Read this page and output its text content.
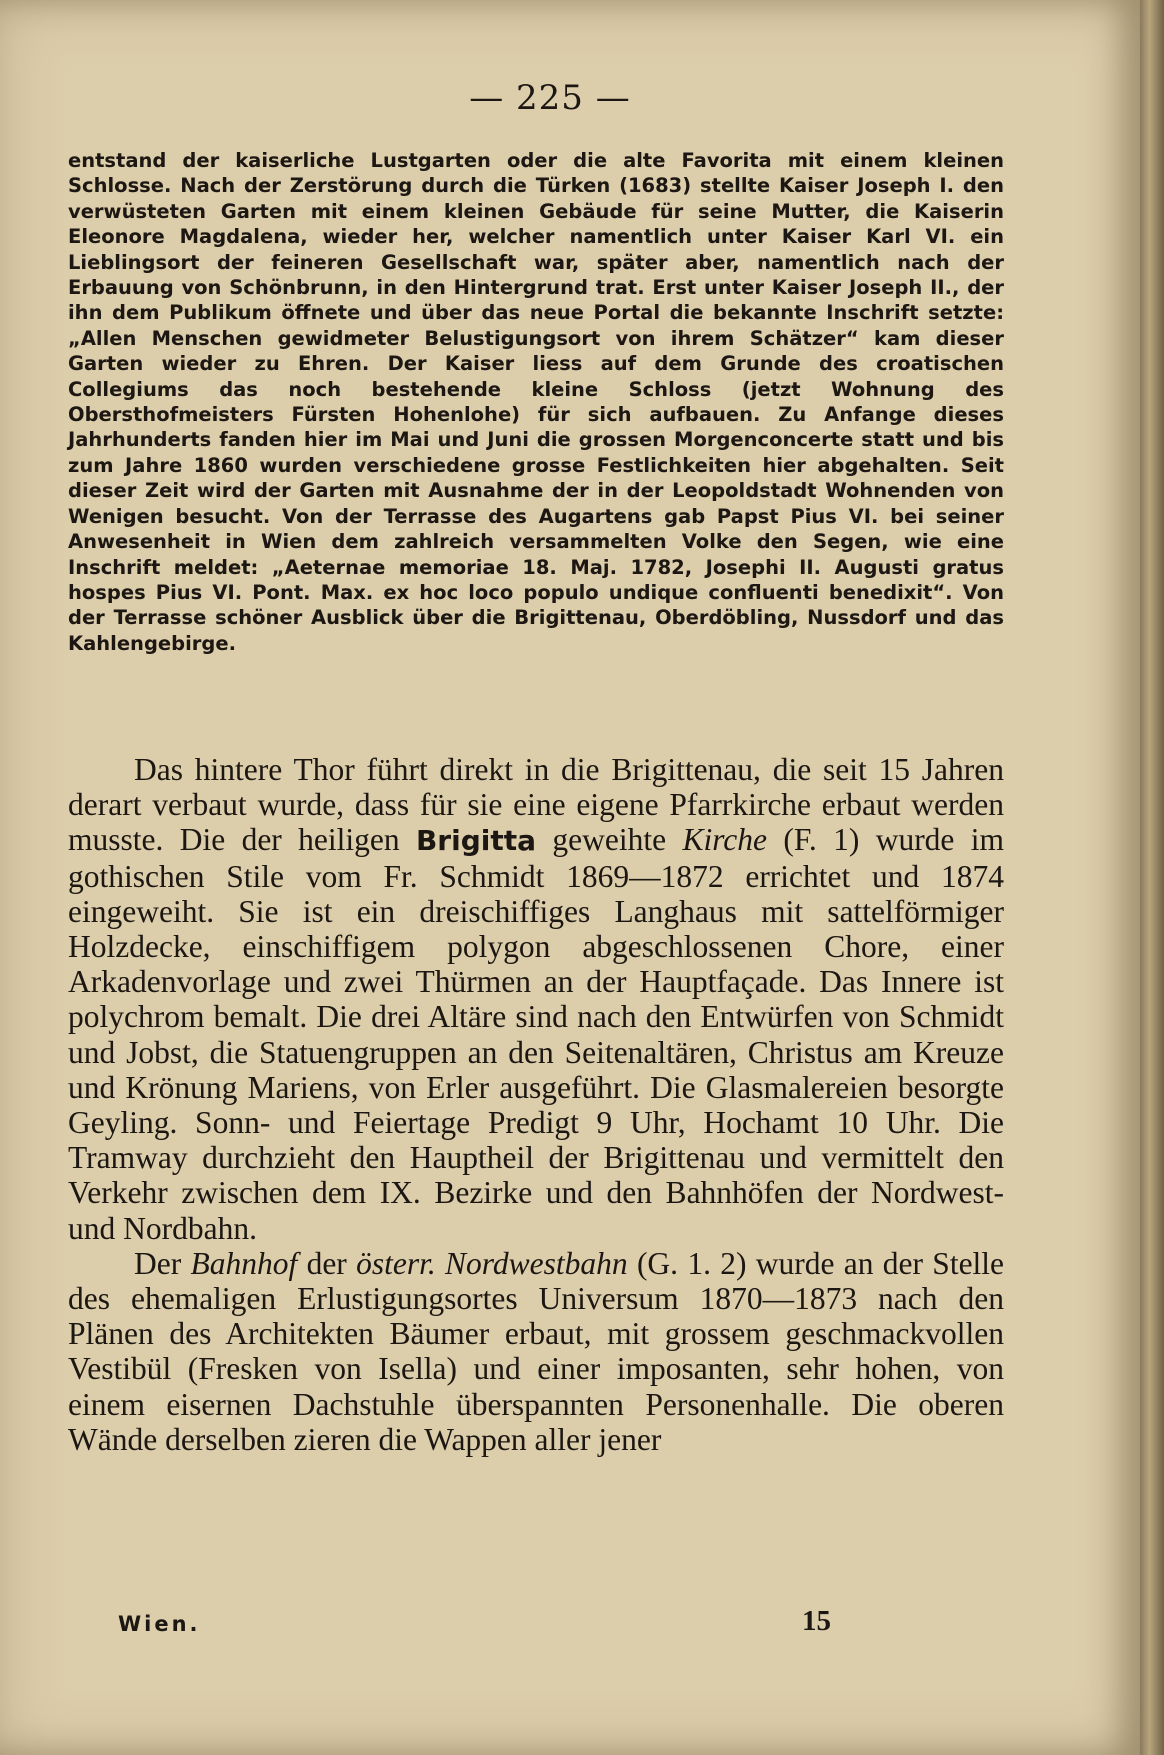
— 225 —

entstand der kaiserliche Lustgarten oder die alte Favorita mit einem kleinen Schlosse. Nach der Zerstörung durch die Türken (1683) stellte Kaiser Joseph I. den verwüsteten Garten mit einem kleinen Gebäude für seine Mutter, die Kaiserin Eleonore Magdalena, wieder her, welcher namentlich unter Kaiser Karl VI. ein Lieblingsort der feineren Gesellschaft war, später aber, namentlich nach der Erbauung von Schönbrunn, in den Hintergrund trat. Erst unter Kaiser Joseph II., der ihn dem Publikum öffnete und über das neue Portal die bekannte Inschrift setzte: „Allen Menschen gewidmeter Belustigungsort von ihrem Schätzer“ kam dieser Garten wieder zu Ehren. Der Kaiser liess auf dem Grunde des croatischen Collegiums das noch bestehende kleine Schloss (jetzt Wohnung des Obersthofmeisters Fürsten Hohenlohe) für sich aufbauen. Zu Anfange dieses Jahrhunderts fanden hier im Mai und Juni die grossen Morgenconcerte statt und bis zum Jahre 1860 wurden verschiedene grosse Festlichkeiten hier abgehalten. Seit dieser Zeit wird der Garten mit Ausnahme der in der Leopoldstadt Wohnenden von Wenigen besucht. Von der Terrasse des Augartens gab Papst Pius VI. bei seiner Anwesenheit in Wien dem zahlreich versammelten Volke den Segen, wie eine Inschrift meldet: „Aeternae memoriae 18. Maj. 1782, Josephi II. Augusti gratus hospes Pius VI. Pont. Max. ex hoc loco populo undique confluenti benedixit“. Von der Terrasse schöner Ausblick über die Brigittenau, Oberdöbling, Nussdorf und das Kahlengebirge.

Das hintere Thor führt direkt in die Brigittenau, die seit 15 Jahren derart verbaut wurde, dass für sie eine eigene Pfarrkirche erbaut werden musste. Die der heiligen Brigitta geweihte Kirche (F. 1) wurde im gothischen Stile vom Fr. Schmidt 1869—1872 errichtet und 1874 eingeweiht. Sie ist ein dreischiffiges Langhaus mit sattelförmiger Holzdecke, einschiffigem polygon abgeschlossenen Chore, einer Arkadenvorlage und zwei Thürmen an der Hauptfaçade. Das Innere ist polychrom bemalt. Die drei Altäre sind nach den Entwürfen von Schmidt und Jobst, die Statuengruppen an den Seitenaltären, Christus am Kreuze und Krönung Mariens, von Erler ausgeführt. Die Glasmalereien besorgte Geyling. Sonn- und Feiertage Predigt 9 Uhr, Hochamt 10 Uhr. Die Tramway durchzieht den Hauptheil der Brigittenau und vermittelt den Verkehr zwischen dem IX. Bezirke und den Bahnhöfen der Nordwest- und Nordbahn.

Der Bahnhof der österr. Nordwestbahn (G. 1. 2) wurde an der Stelle des ehemaligen Erlustigungsortes Universum 1870—1873 nach den Plänen des Architekten Bäumer erbaut, mit grossem geschmackvollen Vestibül (Fresken von Isella) und einer imposanten, sehr hohen, von einem eisernen Dachstuhle überspannten Personenhalle. Die oberen Wände derselben zieren die Wappen aller jener

Wien.	15
